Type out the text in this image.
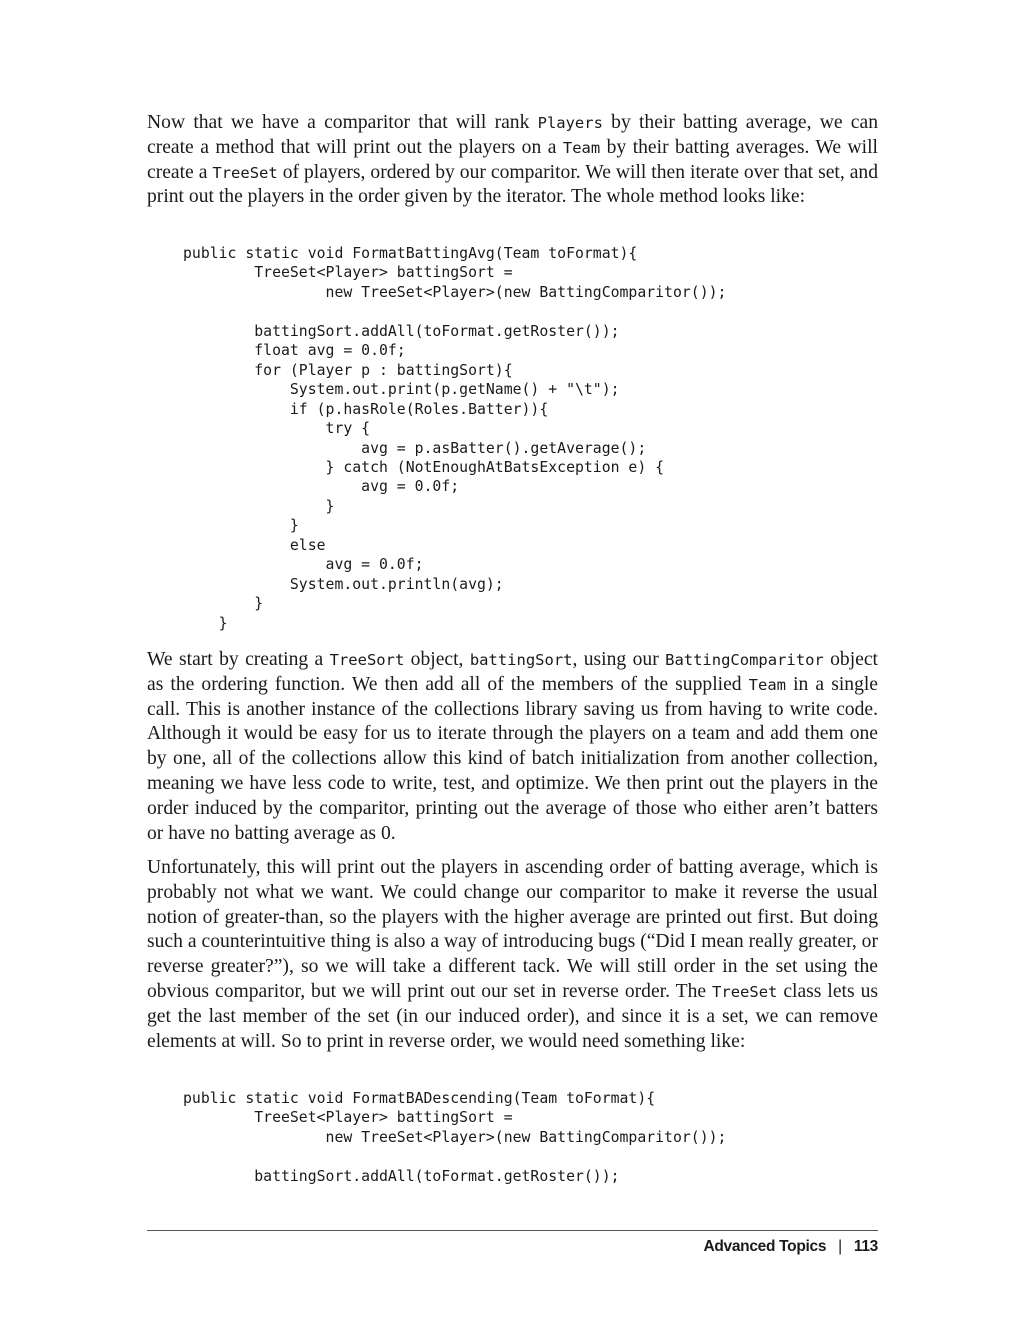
Now that we have a comparitor that will rank Players by their batting average, we can create a method that will print out the players on a Team by their batting averages. We will create a TreeSet of players, ordered by our comparitor. We will then iterate over that set, and print out the players in the order given by the iterator. The whole method looks like:

public static void FormatBattingAvg(Team toFormat){
TreeSet<Player> battingSort =
new TreeSet<Player>(new BattingComparitor());

battingSort.addAll(toFormat.getRoster());
float avg = 0.0f;
for (Player p : battingSort){
System.out.print(p.getName() + "\t");
if (p.hasRole(Roles.Batter)){
try {
avg = p.asBatter().getAverage();
} catch (NotEnoughAtBatsException e) {
avg = 0.0f;
}
}
else
avg = 0.0f;
System.out.println(avg);
}
}

We start by creating a TreeSort object, battingSort, using our BattingComparitor object as the ordering function. We then add all of the members of the supplied Team in a single call. This is another instance of the collections library saving us from having to write code. Although it would be easy for us to iterate through the players on a team and add them one by one, all of the collections allow this kind of batch initialization from another collection, meaning we have less code to write, test, and optimize. We then print out the players in the order induced by the comparitor, printing out the average of those who either aren’t batters or have no batting average as 0.

Unfortunately, this will print out the players in ascending order of batting average, which is probably not what we want. We could change our comparitor to make it reverse the usual notion of greater-than, so the players with the higher average are printed out first. But doing such a counterintuitive thing is also a way of introducing bugs (“Did I mean really greater, or reverse greater?”), so we will take a different tack. We will still order in the set using the obvious comparitor, but we will print out our set in reverse order. The TreeSet class lets us get the last member of the set (in our induced order), and since it is a set, we can remove elements at will. So to print in reverse order, we would need something like:

public static void FormatBADescending(Team toFormat){
TreeSet<Player> battingSort =
new TreeSet<Player>(new BattingComparitor());

battingSort.addAll(toFormat.getRoster());
Advanced Topics | 113
